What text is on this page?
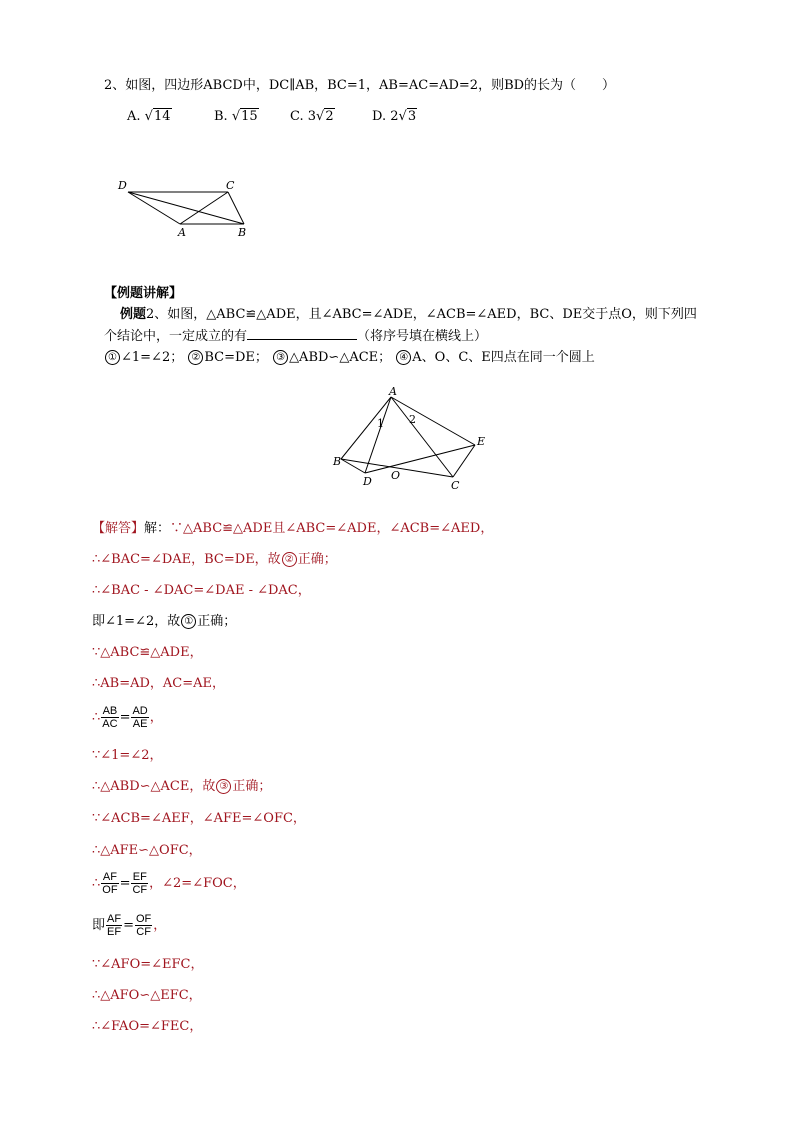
2、如图，四边形ABCD中，DC∥AB，BC=1，AB=AC=AD=2，则BD的长为（　　）
A. √14	B. √15 C. 3√2	D. 2√3
D	C
A	B
【例题讲解】
例题2、如图，△ABC≌△ADE，且∠ABC=∠ADE，∠ACB=∠AED，BC、DE交于点O，则下列四
个结论中，一定成立的有	（将序号填在横线上）
① ∠1=∠2； ② BC=DE； ③ △ABD∽△ACE； ④ A、O、C、E四点在同一个圆上
A
B
D O
C
E
1 2
【解答】解：∵△ABC≌△ADE且∠ABC=∠ADE，∠ACB=∠AED，
∴∠BAC=∠DAE，BC=DE，故 ② 正确；
∴∠BAC - ∠DAC=∠DAE - ∠DAC，
即∠1=∠2，故 ① 正确；
∵△ABC≌△ADE，
∴AB=AD，AC=AE，
∴ $\frac{AB}{AC} = \frac{AD}{AE}$ ，
∵∠1=∠2，
∴△ABD∽△ACE，故 ③ 正确；
∵∠ACB=∠AEF，∠AFE=∠OFC，
∴△AFE∽△OFC，
∴ $\frac{AF}{OF} = \frac{EF}{CF}$ ，∠2=∠FOC，
即 $\frac{AF}{EF} = \frac{OF}{CF}$ ，
∵∠AFO=∠EFC，
∴△AFO∽△EFC，
∴∠FAO=∠FEC，
